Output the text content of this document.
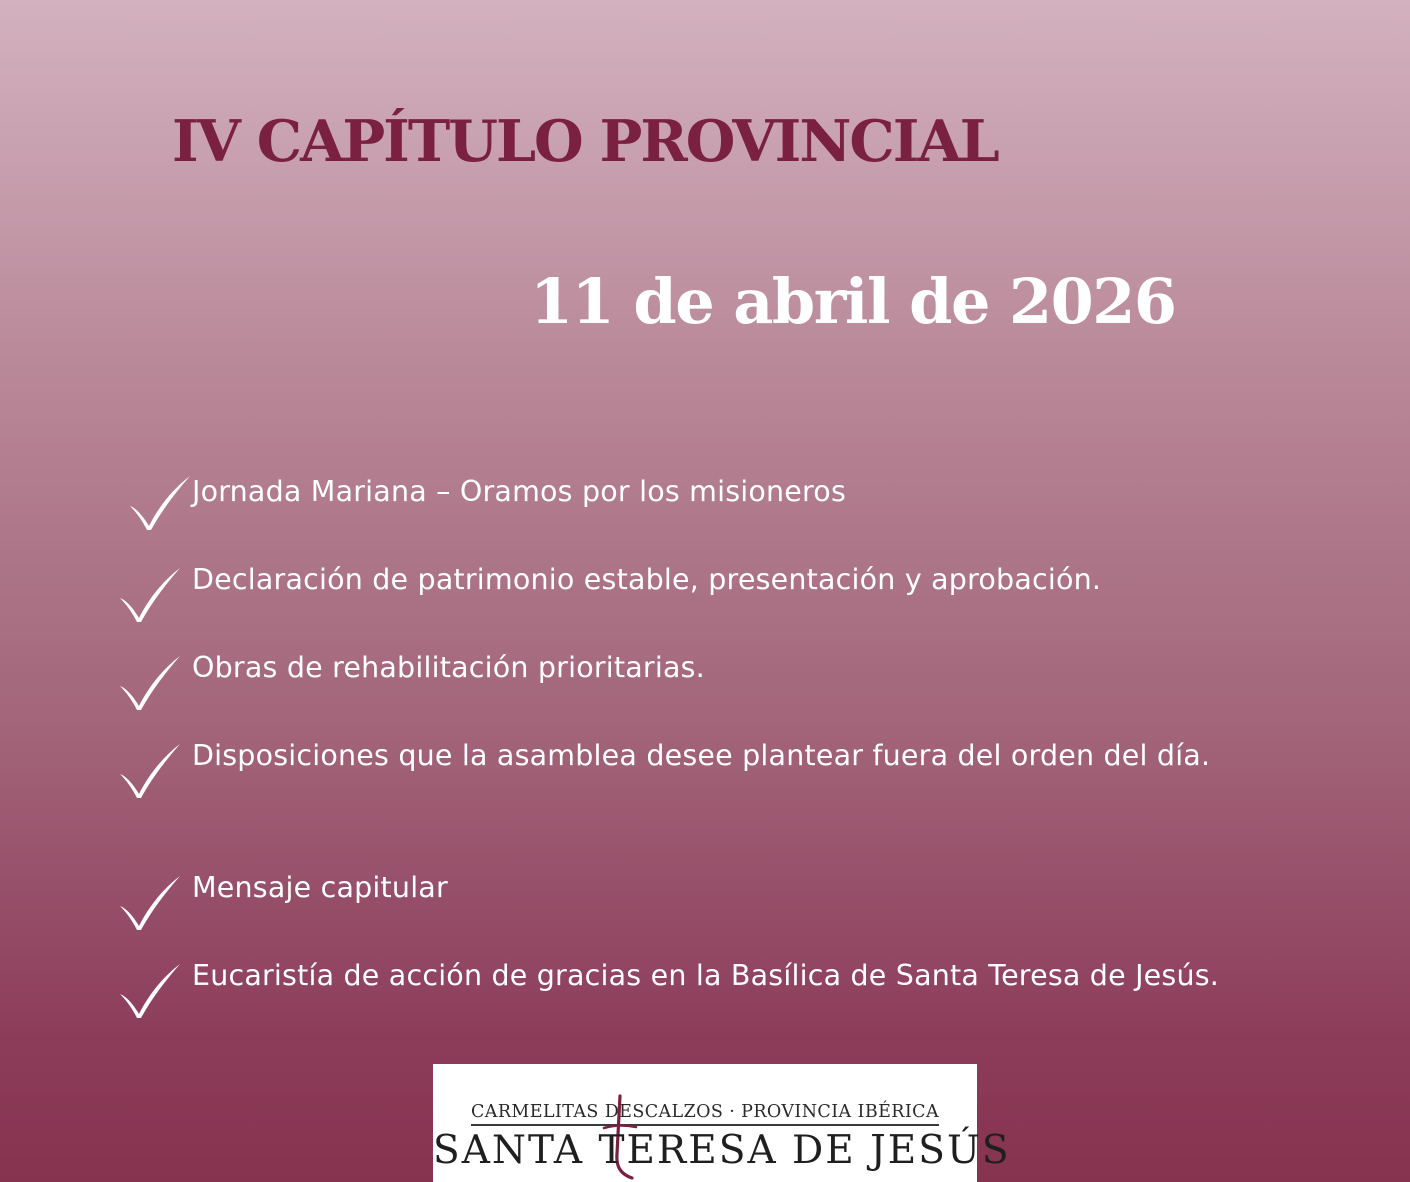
IV CAPÍTULO PROVINCIAL
11 de abril de 2026
Jornada Mariana – Oramos por los misioneros
Declaración de patrimonio estable, presentación y aprobación.
Obras de rehabilitación prioritarias.
Disposiciones que la asamblea desee plantear fuera del orden del día.
Mensaje capitular
Eucaristía de acción de gracias en la Basílica de Santa Teresa de Jesús.
CARMELITAS DESCALZOS · PROVINCIA IBÉRICA
SANTA TERESA DE JESÚS
